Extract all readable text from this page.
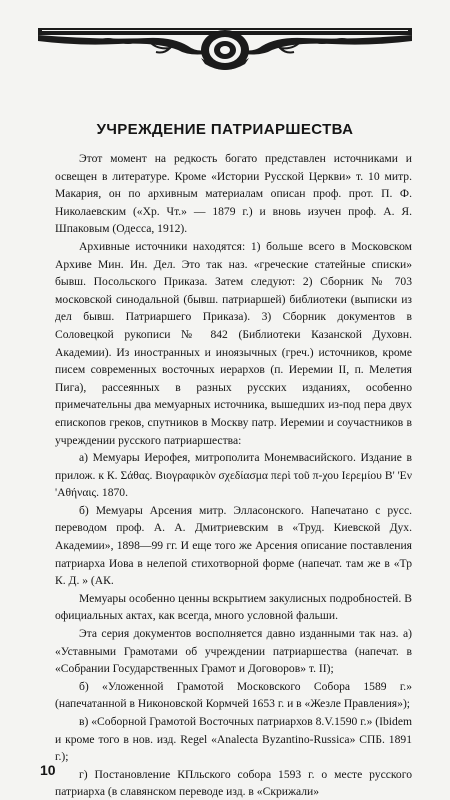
УЧРЕЖДЕНИЕ ПАТРИАРШЕСТВА

Этот момент на редкость богато представлен источниками и освещен в литературе. Кроме «Истории Русской Церкви» т. 10 митр. Макария, он по архивным материалам описан проф. прот. П. Ф. Николаевским («Хр. Чт.» — 1879 г.) и вновь изучен проф. А. Я. Шпаковым (Одесса, 1912).

Архивные источники находятся: 1) больше всего в Московском Архиве Мин. Ин. Дел. Это так наз. «греческие статейные списки» бывш. Посольского Приказа. Затем следуют: 2) Сборник № 703 московской синодальной (бывш. патриаршей) библиотеки (выписки из дел бывш. Патриаршего Приказа). 3) Сборник документов в Соловецкой рукописи № 842 (Библиотеки Казанской Духовн. Академии). Из иностранных и иноязычных (греч.) источников, кроме писем современных восточных иерархов (п. Иеремии II, п. Мелетия Пига), рассеянных в разных русских изданиях, особенно примечательны два мемуарных источника, вышедших из-под пера двух епископов греков, спутников в Москву патр. Иеремии и соучастников в учреждении русского патриаршества:

а) Мемуары Иерофея, митрополита Монемвасийского. Издание в прилож. к К. Σάθας. Βιογραφικὸν σχεδίασμα περὶ τοῦ π-χου Ιερεμίου Β' 'Εν 'Αθήναις. 1870.

б) Мемуары Арсения митр. Элласонского. Напечатано с русс. переводом проф. А. А. Дмитриевским в «Труд. Киевской Дух. Академии», 1898—99 гг. И еще того же Арсения описание поставления патриарха Иова в нелепой стихотворной форме (напечат. там же в «Тр К. Д. » (АК.

Мемуары особенно ценны вскрытием закулисных подробностей. В официальных актах, как всегда, много условной фальши.

Эта серия документов восполняется давно изданными так наз. а) «Уставными Грамотами об учреждении патриаршества (напечат. в «Собрании Государственных Грамот и Договоров» т. II);

б) «Уложенной Грамотой Московского Собора 1589 г.» (напечатанной в Никоновской Кормчей 1653 г. и в «Жезле Правления»);

в) «Соборной Грамотой Восточных патриархов 8.V.1590 г.» (Ibidem и кроме того в нов. изд. Regel «Analecta Byzantino-Russica» СПБ. 1891 г.);

г) Постановление КПльского собора 1593 г. о месте русского патриарха (в славянском переводе изд. в «Скрижали»

10
